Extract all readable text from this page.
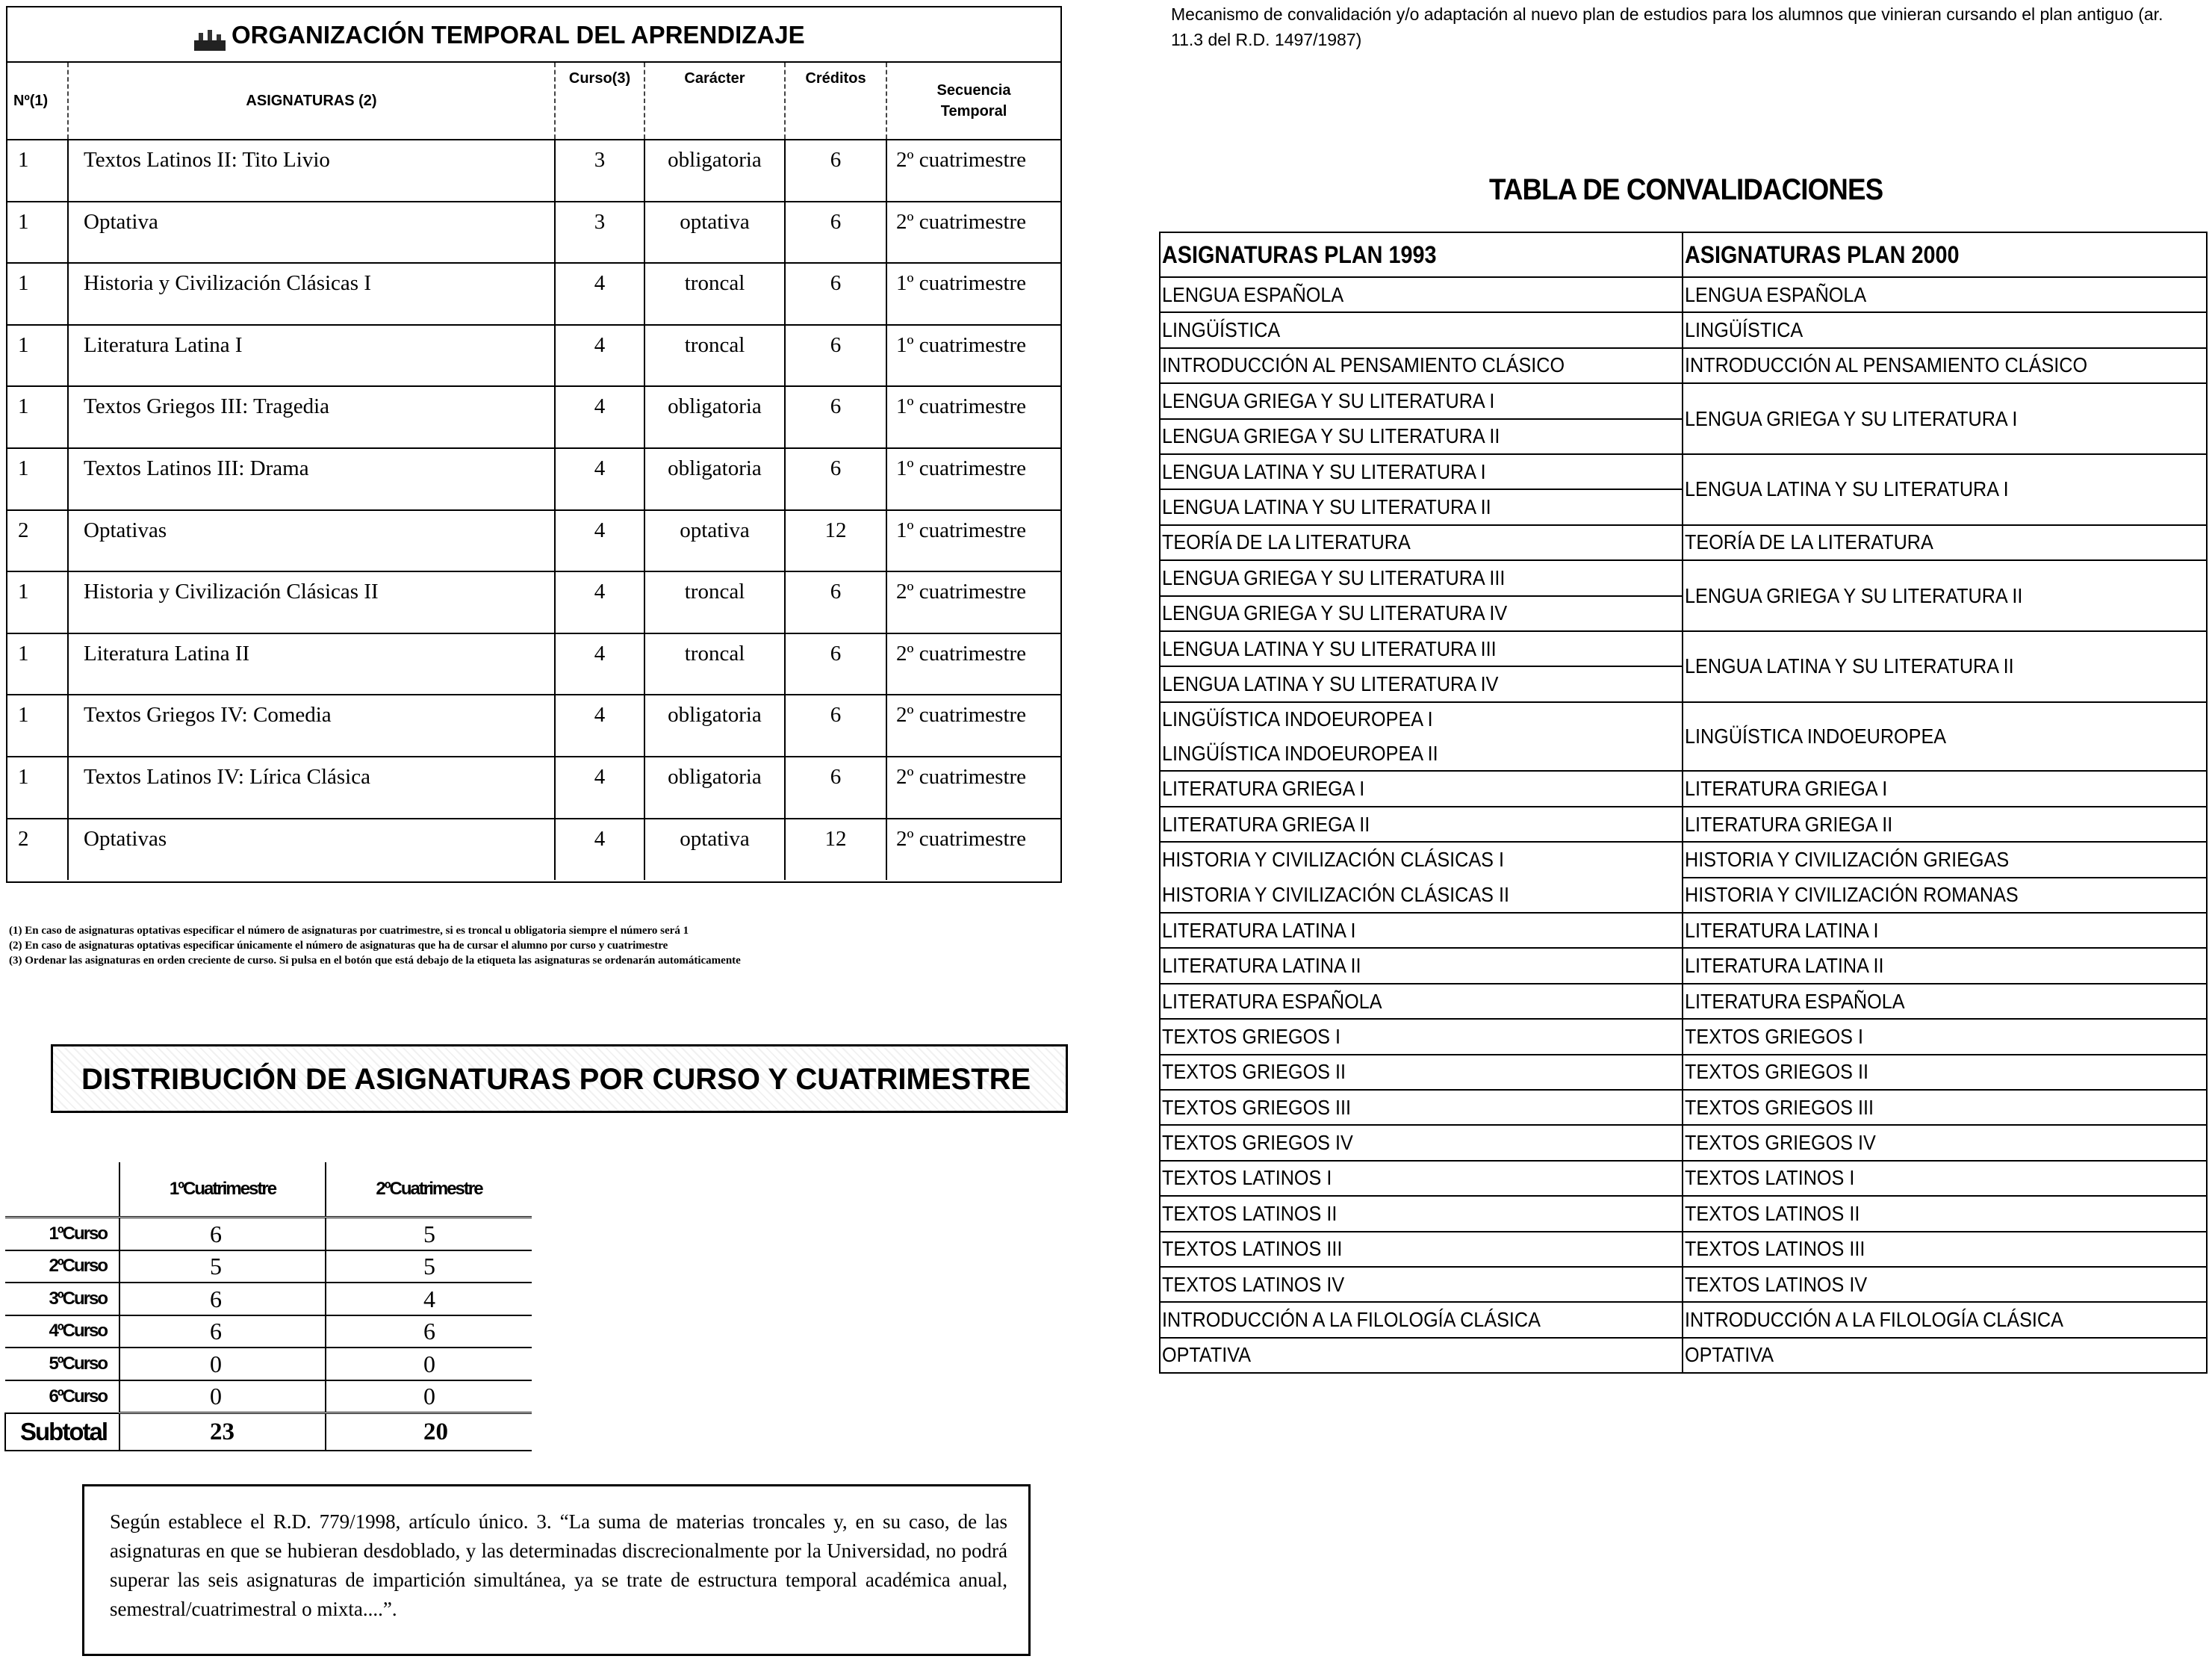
ORGANIZACIÓN TEMPORAL DEL APRENDIZAJE
Nº(1)	ASIGNATURAS (2)	Curso(3)	Carácter	Créditos	Secuencia Temporal
1	Textos Latinos II: Tito Livio	3	obligatoria	6	2º cuatrimestre
1	Optativa	3	optativa	6	2º cuatrimestre
1	Historia y Civilización Clásicas I	4	troncal	6	1º cuatrimestre
1	Literatura Latina I	4	troncal	6	1º cuatrimestre
1	Textos Griegos III: Tragedia	4	obligatoria	6	1º cuatrimestre
1	Textos Latinos III: Drama	4	obligatoria	6	1º cuatrimestre
2	Optativas	4	optativa	12	1º cuatrimestre
1	Historia y Civilización Clásicas II	4	troncal	6	2º cuatrimestre
1	Literatura Latina II	4	troncal	6	2º cuatrimestre
1	Textos Griegos IV: Comedia	4	obligatoria	6	2º cuatrimestre
1	Textos Latinos IV: Lírica Clásica	4	obligatoria	6	2º cuatrimestre
2	Optativas	4	optativa	12	2º cuatrimestre
(1) En caso de asignaturas optativas especificar el número de asignaturas por cuatrimestre, si es troncal u obligatoria siempre el número será 1
(2) En caso de asignaturas optativas especificar únicamente el número de asignaturas que ha de cursar el alumno por curso y cuatrimestre
(3) Ordenar las asignaturas en orden creciente de curso. Si pulsa en el botón que está debajo de la etiqueta las asignaturas se ordenarán automáticamente
DISTRIBUCIÓN DE ASIGNATURAS POR CURSO Y CUATRIMESTRE
	1ºCuatrimestre	2ºCuatrimestre
1ºCurso	6	5
2ºCurso	5	5
3ºCurso	6	4
4ºCurso	6	6
5ºCurso	0	0
6ºCurso	0	0
Subtotal	23	20
Según establece el R.D. 779/1998, artículo único. 3. “La suma de materias troncales y, en su caso, de las asignaturas en que se hubieran desdoblado, y las determinadas discrecionalmente por la Universidad, no podrá superar las seis asignaturas de impartición simultánea, ya se trate de estructura temporal académica anual, semestral/cuatrimestral o mixta....”.
Mecanismo de convalidación y/o adaptación al nuevo plan de estudios para los alumnos que vinieran cursando el plan antiguo (ar. 11.3 del R.D. 1497/1987)
TABLA DE CONVALIDACIONES
ASIGNATURAS PLAN 1993	ASIGNATURAS PLAN 2000
LENGUA ESPAÑOLA	LENGUA ESPAÑOLA
LINGÜÍSTICA	LINGÜÍSTICA
INTRODUCCIÓN AL PENSAMIENTO CLÁSICO	INTRODUCCIÓN AL PENSAMIENTO CLÁSICO
LENGUA GRIEGA Y SU LITERATURA I	LENGUA GRIEGA Y SU LITERATURA I
LENGUA GRIEGA Y SU LITERATURA II	
LENGUA LATINA Y SU LITERATURA I	LENGUA LATINA Y SU LITERATURA I
LENGUA LATINA Y SU LITERATURA II	
TEORÍA DE LA LITERATURA	TEORÍA DE LA LITERATURA
LENGUA GRIEGA Y SU LITERATURA III	LENGUA GRIEGA Y SU LITERATURA II
LENGUA GRIEGA Y SU LITERATURA IV	
LENGUA LATINA Y SU LITERATURA III	LENGUA LATINA Y SU LITERATURA II
LENGUA LATINA Y SU LITERATURA IV	
LINGÜÍSTICA INDOEUROPEA I	LINGÜÍSTICA INDOEUROPEA
LINGÜÍSTICA INDOEUROPEA II	
LITERATURA GRIEGA I	LITERATURA GRIEGA I
LITERATURA GRIEGA II	LITERATURA GRIEGA II
HISTORIA Y CIVILIZACIÓN CLÁSICAS I	HISTORIA Y CIVILIZACIÓN GRIEGAS
HISTORIA Y CIVILIZACIÓN CLÁSICAS II	HISTORIA Y CIVILIZACIÓN ROMANAS
LITERATURA LATINA I	LITERATURA LATINA I
LITERATURA LATINA II	LITERATURA LATINA II
LITERATURA ESPAÑOLA	LITERATURA ESPAÑOLA
TEXTOS GRIEGOS I	TEXTOS GRIEGOS I
TEXTOS GRIEGOS II	TEXTOS GRIEGOS II
TEXTOS GRIEGOS III	TEXTOS GRIEGOS III
TEXTOS GRIEGOS IV	TEXTOS GRIEGOS IV
TEXTOS LATINOS I	TEXTOS LATINOS I
TEXTOS LATINOS II	TEXTOS LATINOS II
TEXTOS LATINOS III	TEXTOS LATINOS III
TEXTOS LATINOS IV	TEXTOS LATINOS IV
INTRODUCCIÓN A LA FILOLOGÍA CLÁSICA	INTRODUCCIÓN A LA FILOLOGÍA CLÁSICA
OPTATIVA	OPTATIVA
